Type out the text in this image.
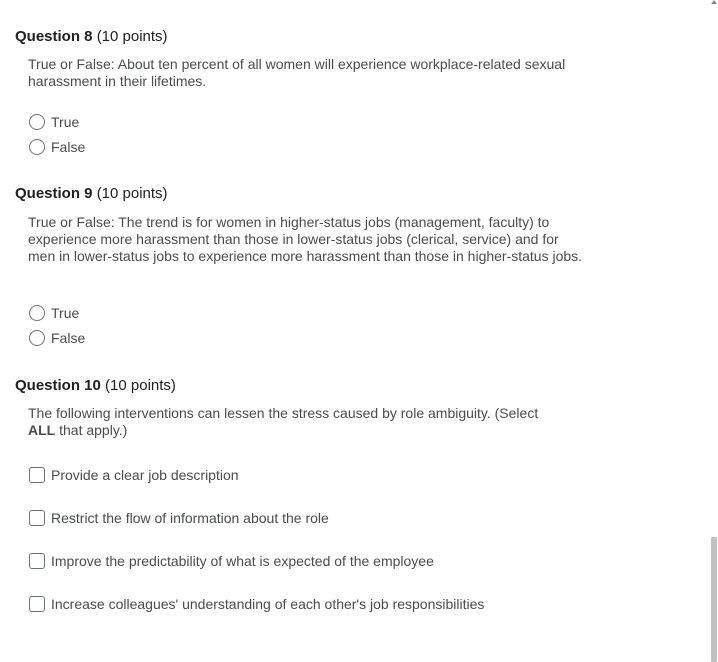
Question 8 (10 points)
True or False: About ten percent of all women will experience workplace-related sexual harassment in their lifetimes.
True
False
Question 9 (10 points)
True or False: The trend is for women in higher-status jobs (management, faculty) to experience more harassment than those in lower-status jobs (clerical, service) and for men in lower-status jobs to experience more harassment than those in higher-status jobs.
True
False
Question 10 (10 points)
The following interventions can lessen the stress caused by role ambiguity. (Select ALL that apply.)
Provide a clear job description
Restrict the flow of information about the role
Improve the predictability of what is expected of the employee
Increase colleagues' understanding of each other's job responsibilities
